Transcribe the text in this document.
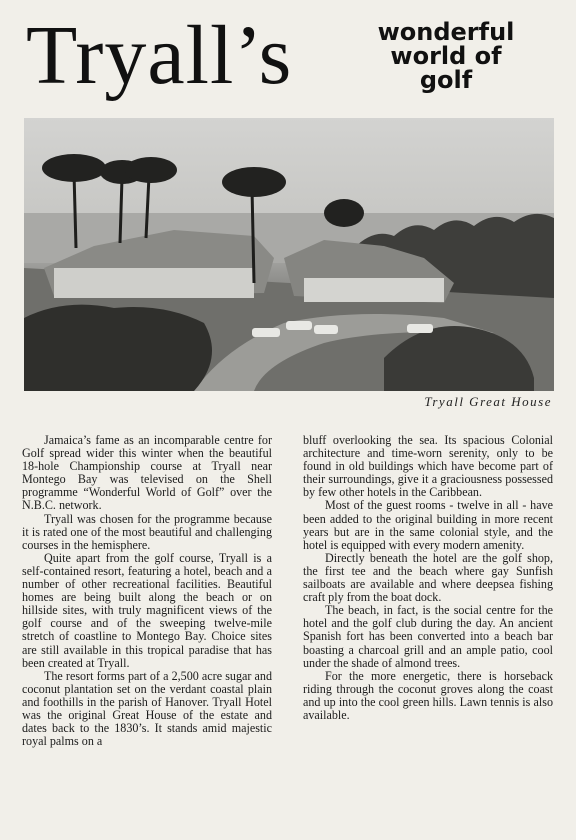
Tryall’s	wonderful
world of
golf
Tryall Great House

Jamaica’s fame as an incomparable centre for Golf spread wider this winter when the beautiful 18-hole Championship course at Tryall near Montego Bay was televised on the Shell programme “Wonderful World of Golf” over the N.B.C. network.

Tryall was chosen for the programme because it is rated one of the most beautiful and challenging courses in the hemisphere.

Quite apart from the golf course, Tryall is a self-contained resort, featuring a hotel, beach and a number of other recreational facilities. Beautiful homes are being built along the beach or on hillside sites, with truly magnificent views of the golf course and of the sweeping twelve-mile stretch of coastline to Montego Bay. Choice sites are still available in this tropical paradise that has been created at Tryall.

The resort forms part of a 2,500 acre sugar and coconut plantation set on the verdant coastal plain and foothills in the parish of Hanover. Tryall Hotel was the original Great House of the estate and dates back to the 1830’s. It stands amid majestic royal palms on a

bluff overlooking the sea. Its spacious Colonial architecture and time-worn serenity, only to be found in old buildings which have become part of their surroundings, give it a graciousness possessed by few other hotels in the Caribbean.

Most of the guest rooms - twelve in all - have been added to the original building in more recent years but are in the same colonial style, and the hotel is equipped with every modern amenity.

Directly beneath the hotel are the golf shop, the first tee and the beach where gay Sunfish sailboats are available and where deepsea fishing craft ply from the boat dock.

The beach, in fact, is the social centre for the hotel and the golf club during the day. An ancient Spanish fort has been converted into a beach bar boasting a charcoal grill and an ample patio, cool under the shade of almond trees.

For the more energetic, there is horseback riding through the coconut groves along the coast and up into the cool green hills. Lawn tennis is also available.
